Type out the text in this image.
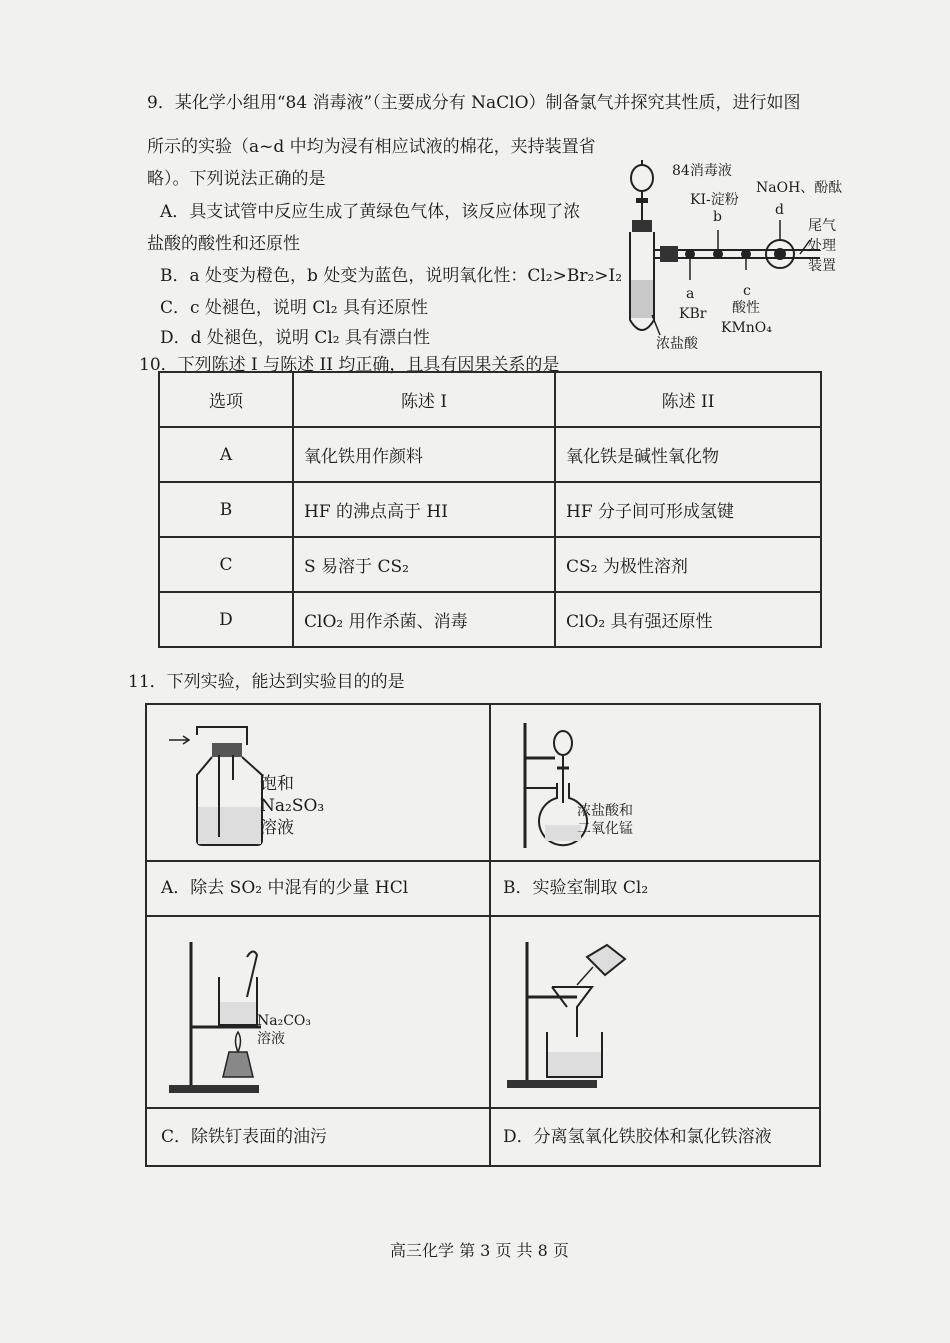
9．某化学小组用“84 消毒液”（主要成分有 NaClO）制备氯气并探究其性质，进行如图
所示的实验（a~d 中均为浸有相应试液的棉花，夹持装置省
略）。下列说法正确的是
A．具支试管中反应生成了黄绿色气体，该反应体现了浓
盐酸的酸性和还原性
B．a 处变为橙色，b 处变为蓝色，说明氧化性：Cl₂>Br₂>I₂
C．c 处褪色，说明 Cl₂ 具有还原性
D．d 处褪色，说明 Cl₂ 具有漂白性
84消毒液
KI-淀粉
b
NaOH、酚酞
d
尾气
处理
装置
a
KBr
c
酸性
KMnO₄
浓盐酸
10．下列陈述 I 与陈述 II 均正确，且具有因果关系的是
选项	陈述 I	陈述 II
A	氧化铁用作颜料	氧化铁是碱性氧化物
B	HF 的沸点高于 HI	HF 分子间可形成氢键
C	S 易溶于 CS₂	CS₂ 为极性溶剂
D	ClO₂ 用作杀菌、消毒	ClO₂ 具有强还原性
11．下列实验，能达到实验目的的是
饱和
Na₂SO₃
溶液
浓盐酸和
二氧化锰
A．除去 SO₂ 中混有的少量 HCl	B．实验室制取 Cl₂
Na₂CO₃
溶液
C．除铁钉表面的油污	D．分离氢氧化铁胶体和氯化铁溶液
高三化学 第 3 页 共 8 页
